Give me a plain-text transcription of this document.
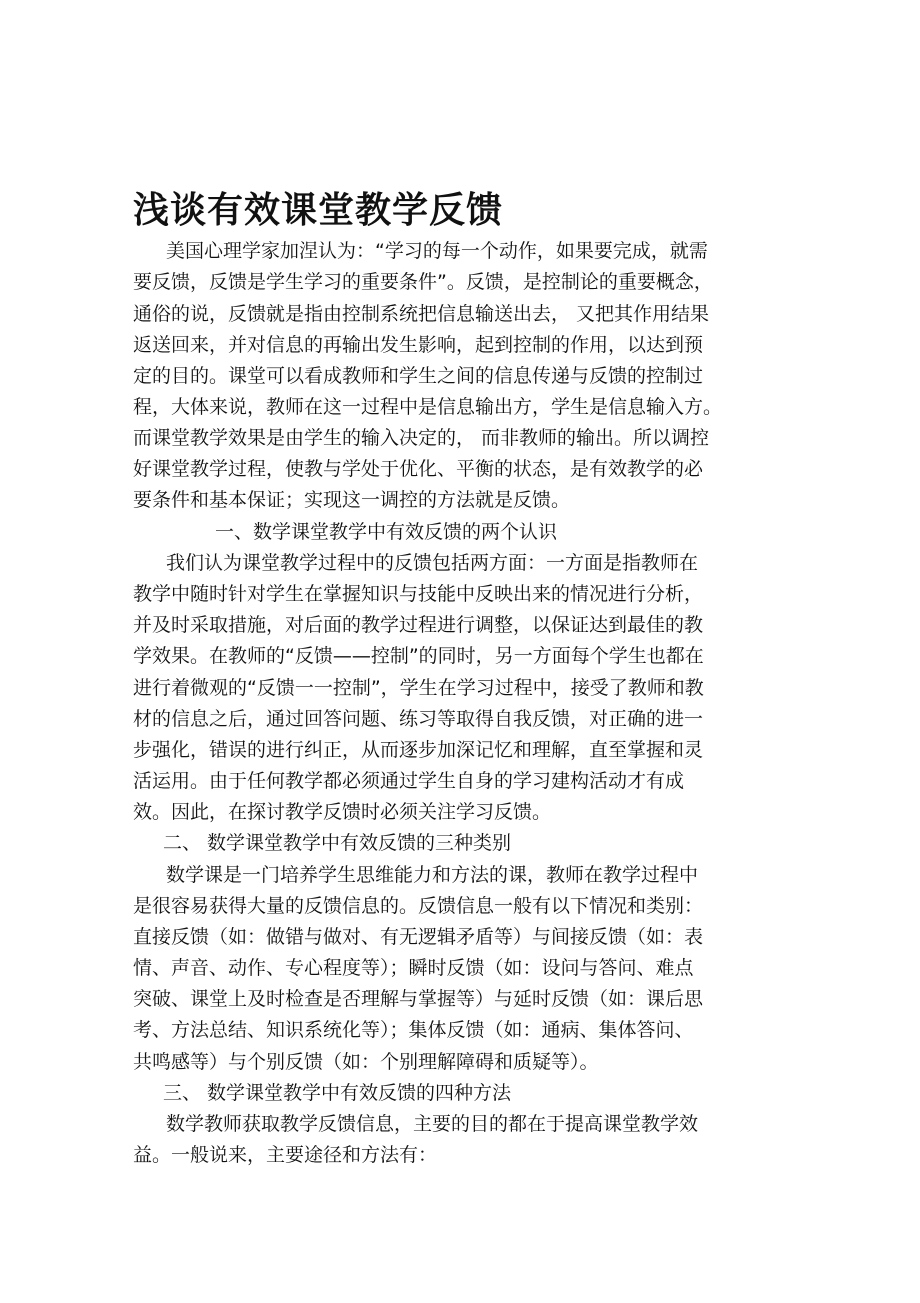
浅谈有效课堂教学反馈
美国心理学家加涅认为：“学习的每一个动作，如果要完成，就需
要反馈，反馈是学生学习的重要条件”。反馈，是控制论的重要概念，
通俗的说，反馈就是指由控制系统把信息输送出去， 又把其作用结果
返送回来，并对信息的再输出发生影响，起到控制的作用，以达到预
定的目的。课堂可以看成教师和学生之间的信息传递与反馈的控制过
程，大体来说，教师在这一过程中是信息输出方，学生是信息输入方。
而课堂教学效果是由学生的输入决定的， 而非教师的输出。所以调控
好课堂教学过程，使教与学处于优化、平衡的状态，是有效教学的必
要条件和基本保证；实现这一调控的方法就是反馈。
一、数学课堂教学中有效反馈的两个认识
我们认为课堂教学过程中的反馈包括两方面：一方面是指教师在
教学中随时针对学生在掌握知识与技能中反映出来的情况进行分析，
并及时采取措施，对后面的教学过程进行调整，以保证达到最佳的教
学效果。在教师的“反馈——控制”的同时，另一方面每个学生也都在
进行着微观的“反馈一一控制”，学生在学习过程中，接受了教师和教
材的信息之后，通过回答问题、练习等取得自我反馈，对正确的进一
步强化，错误的进行纠正，从而逐步加深记忆和理解，直至掌握和灵
活运用。由于任何教学都必须通过学生自身的学习建构活动才有成
效。因此，在探讨教学反馈时必须关注学习反馈。
二、 数学课堂教学中有效反馈的三种类别
数学课是一门培养学生思维能力和方法的课，教师在教学过程中
是很容易获得大量的反馈信息的。反馈信息一般有以下情况和类别：
直接反馈（如：做错与做对、有无逻辑矛盾等）与间接反馈（如：表
情、声音、动作、专心程度等）；瞬时反馈（如：设问与答问、难点
突破、课堂上及时检查是否理解与掌握等）与延时反馈（如：课后思
考、方法总结、知识系统化等）；集体反馈（如：通病、集体答问、
共鸣感等）与个别反馈（如：个别理解障碍和质疑等）。
三、 数学课堂教学中有效反馈的四种方法
数学教师获取教学反馈信息，主要的目的都在于提高课堂教学效
益。一般说来，主要途径和方法有：
